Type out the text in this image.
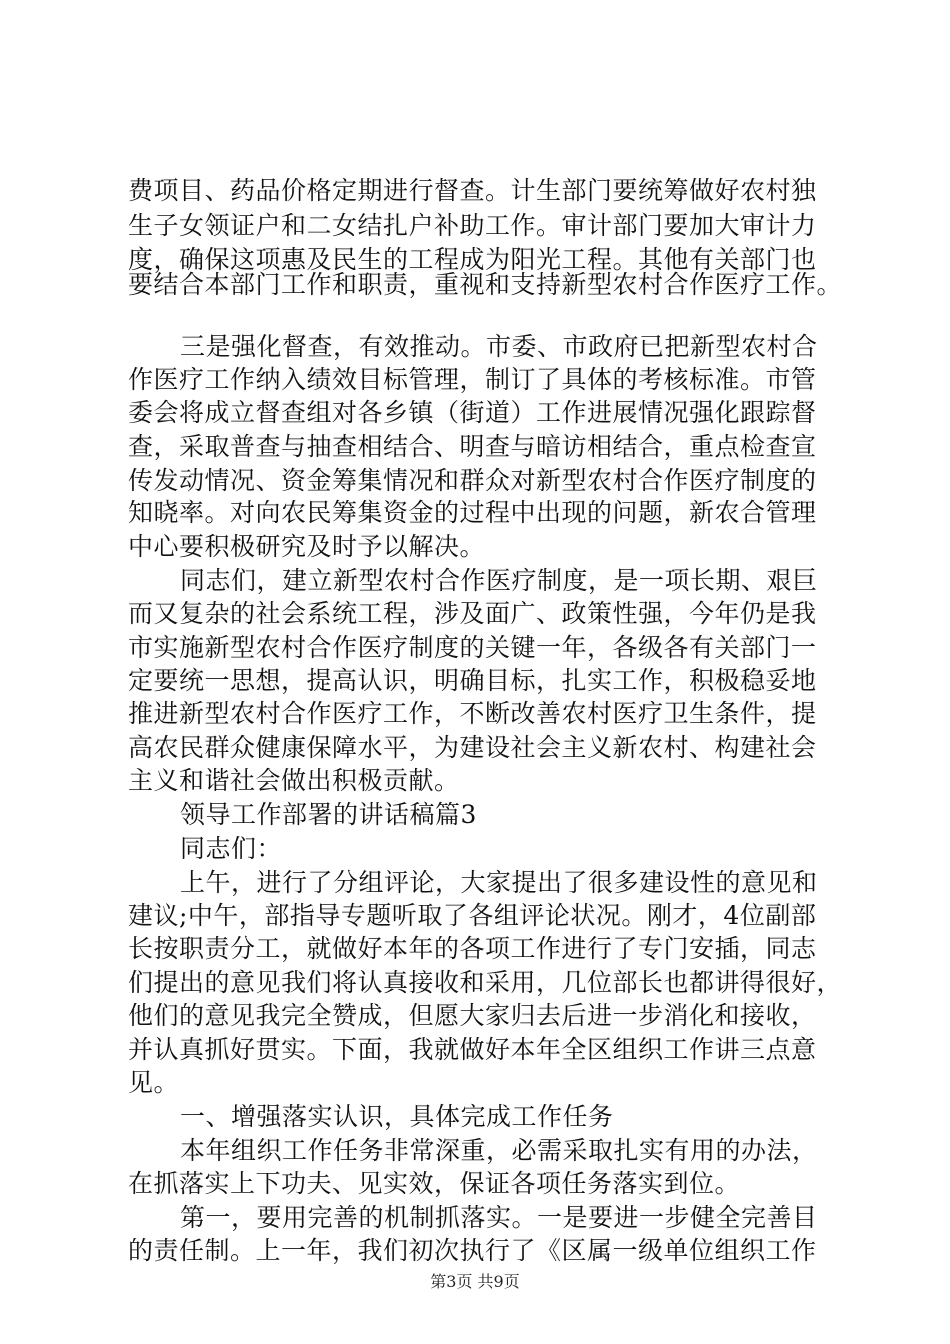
费项目、药品价格定期进行督查。计生部门要统筹做好农村独
生子女领证户和二女结扎户补助工作。审计部门要加大审计力
度，确保这项惠及民生的工程成为阳光工程。其他有关部门也
要结合本部门工作和职责，重视和支持新型农村合作医疗工作。
三是强化督查，有效推动。市委、市政府已把新型农村合
作医疗工作纳入绩效目标管理，制订了具体的考核标准。市管
委会将成立督查组对各乡镇（街道）工作进展情况强化跟踪督
查，采取普查与抽查相结合、明查与暗访相结合，重点检查宣
传发动情况、资金筹集情况和群众对新型农村合作医疗制度的
知晓率。对向农民筹集资金的过程中出现的问题，新农合管理
中心要积极研究及时予以解决。
同志们，建立新型农村合作医疗制度，是一项长期、艰巨
而又复杂的社会系统工程，涉及面广、政策性强，今年仍是我
市实施新型农村合作医疗制度的关键一年，各级各有关部门一
定要统一思想，提高认识，明确目标，扎实工作，积极稳妥地
推进新型农村合作医疗工作，不断改善农村医疗卫生条件，提
高农民群众健康保障水平，为建设社会主义新农村、构建社会
主义和谐社会做出积极贡献。
领导工作部署的讲话稿篇3
同志们：
上午，进行了分组评论，大家提出了很多建设性的意见和
建议;中午，部指导专题听取了各组评论状况。刚才，4位副部
长按职责分工，就做好本年的各项工作进行了专门安插，同志
们提出的意见我们将认真接收和采用，几位部长也都讲得很好，
他们的意见我完全赞成，但愿大家归去后进一步消化和接收，
并认真抓好贯实。下面，我就做好本年全区组织工作讲三点意
见。
一、增强落实认识，具体完成工作任务
本年组织工作任务非常深重，必需采取扎实有用的办法，
在抓落实上下功夫、见实效，保证各项任务落实到位。
第一，要用完善的机制抓落实。一是要进一步健全完善目
的责任制。上一年，我们初次执行了《区属一级单位组织工作
第3页 共9页
